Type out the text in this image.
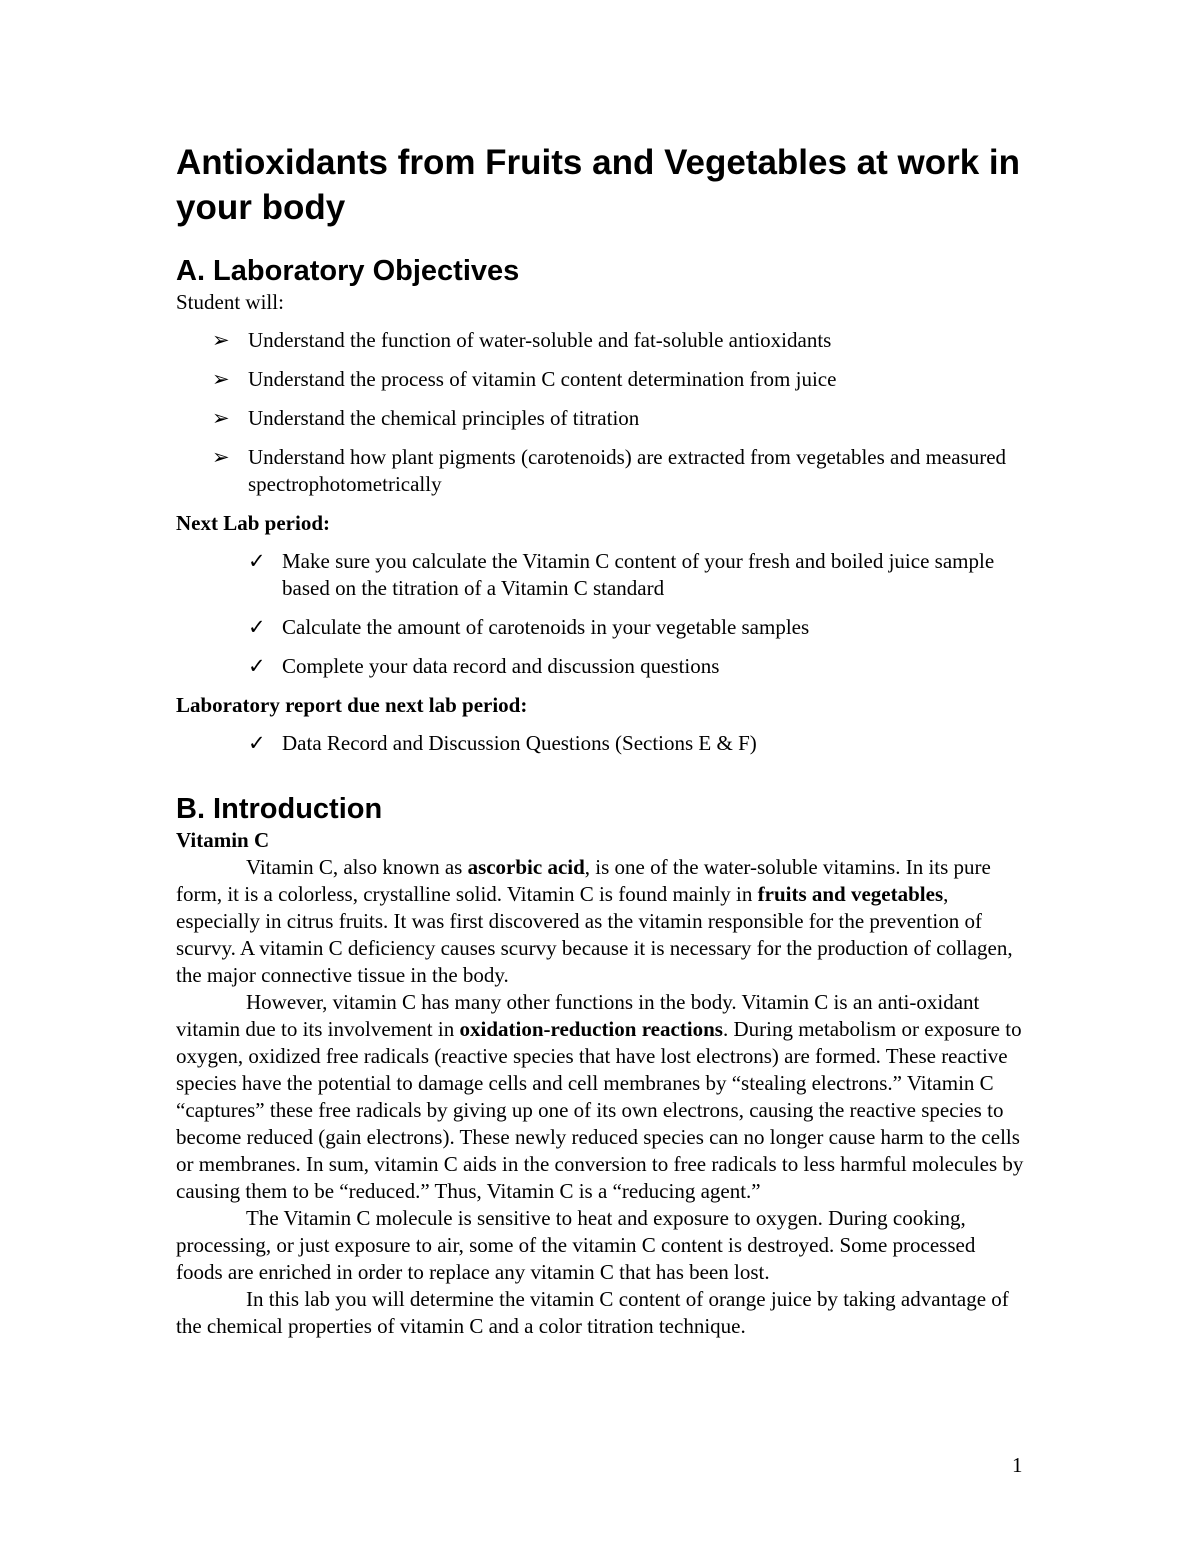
Antioxidants from Fruits and Vegetables at work in your body
A. Laboratory Objectives

Student will:

➢ Understand the function of water-soluble and fat-soluble antioxidants
➢ Understand the process of vitamin C content determination from juice
➢ Understand the chemical principles of titration
➢ Understand how plant pigments (carotenoids) are extracted from vegetables and measured spectrophotometrically

Next Lab period:

✓ Make sure you calculate the Vitamin C content of your fresh and boiled juice sample based on the titration of a Vitamin C standard
✓ Calculate the amount of carotenoids in your vegetable samples
✓ Complete your data record and discussion questions

Laboratory report due next lab period:

✓ Data Record and Discussion Questions (Sections E & F)
B. Introduction

Vitamin C

Vitamin C, also known as ascorbic acid, is one of the water-soluble vitamins. In its pure form, it is a colorless, crystalline solid. Vitamin C is found mainly in fruits and vegetables, especially in citrus fruits. It was first discovered as the vitamin responsible for the prevention of scurvy. A vitamin C deficiency causes scurvy because it is necessary for the production of collagen, the major connective tissue in the body.

However, vitamin C has many other functions in the body. Vitamin C is an anti-oxidant vitamin due to its involvement in oxidation-reduction reactions. During metabolism or exposure to oxygen, oxidized free radicals (reactive species that have lost electrons) are formed. These reactive species have the potential to damage cells and cell membranes by “stealing electrons.” Vitamin C “captures” these free radicals by giving up one of its own electrons, causing the reactive species to become reduced (gain electrons). These newly reduced species can no longer cause harm to the cells or membranes. In sum, vitamin C aids in the conversion to free radicals to less harmful molecules by causing them to be “reduced.” Thus, Vitamin C is a “reducing agent.”

The Vitamin C molecule is sensitive to heat and exposure to oxygen. During cooking, processing, or just exposure to air, some of the vitamin C content is destroyed. Some processed foods are enriched in order to replace any vitamin C that has been lost.

In this lab you will determine the vitamin C content of orange juice by taking advantage of the chemical properties of vitamin C and a color titration technique.

1
